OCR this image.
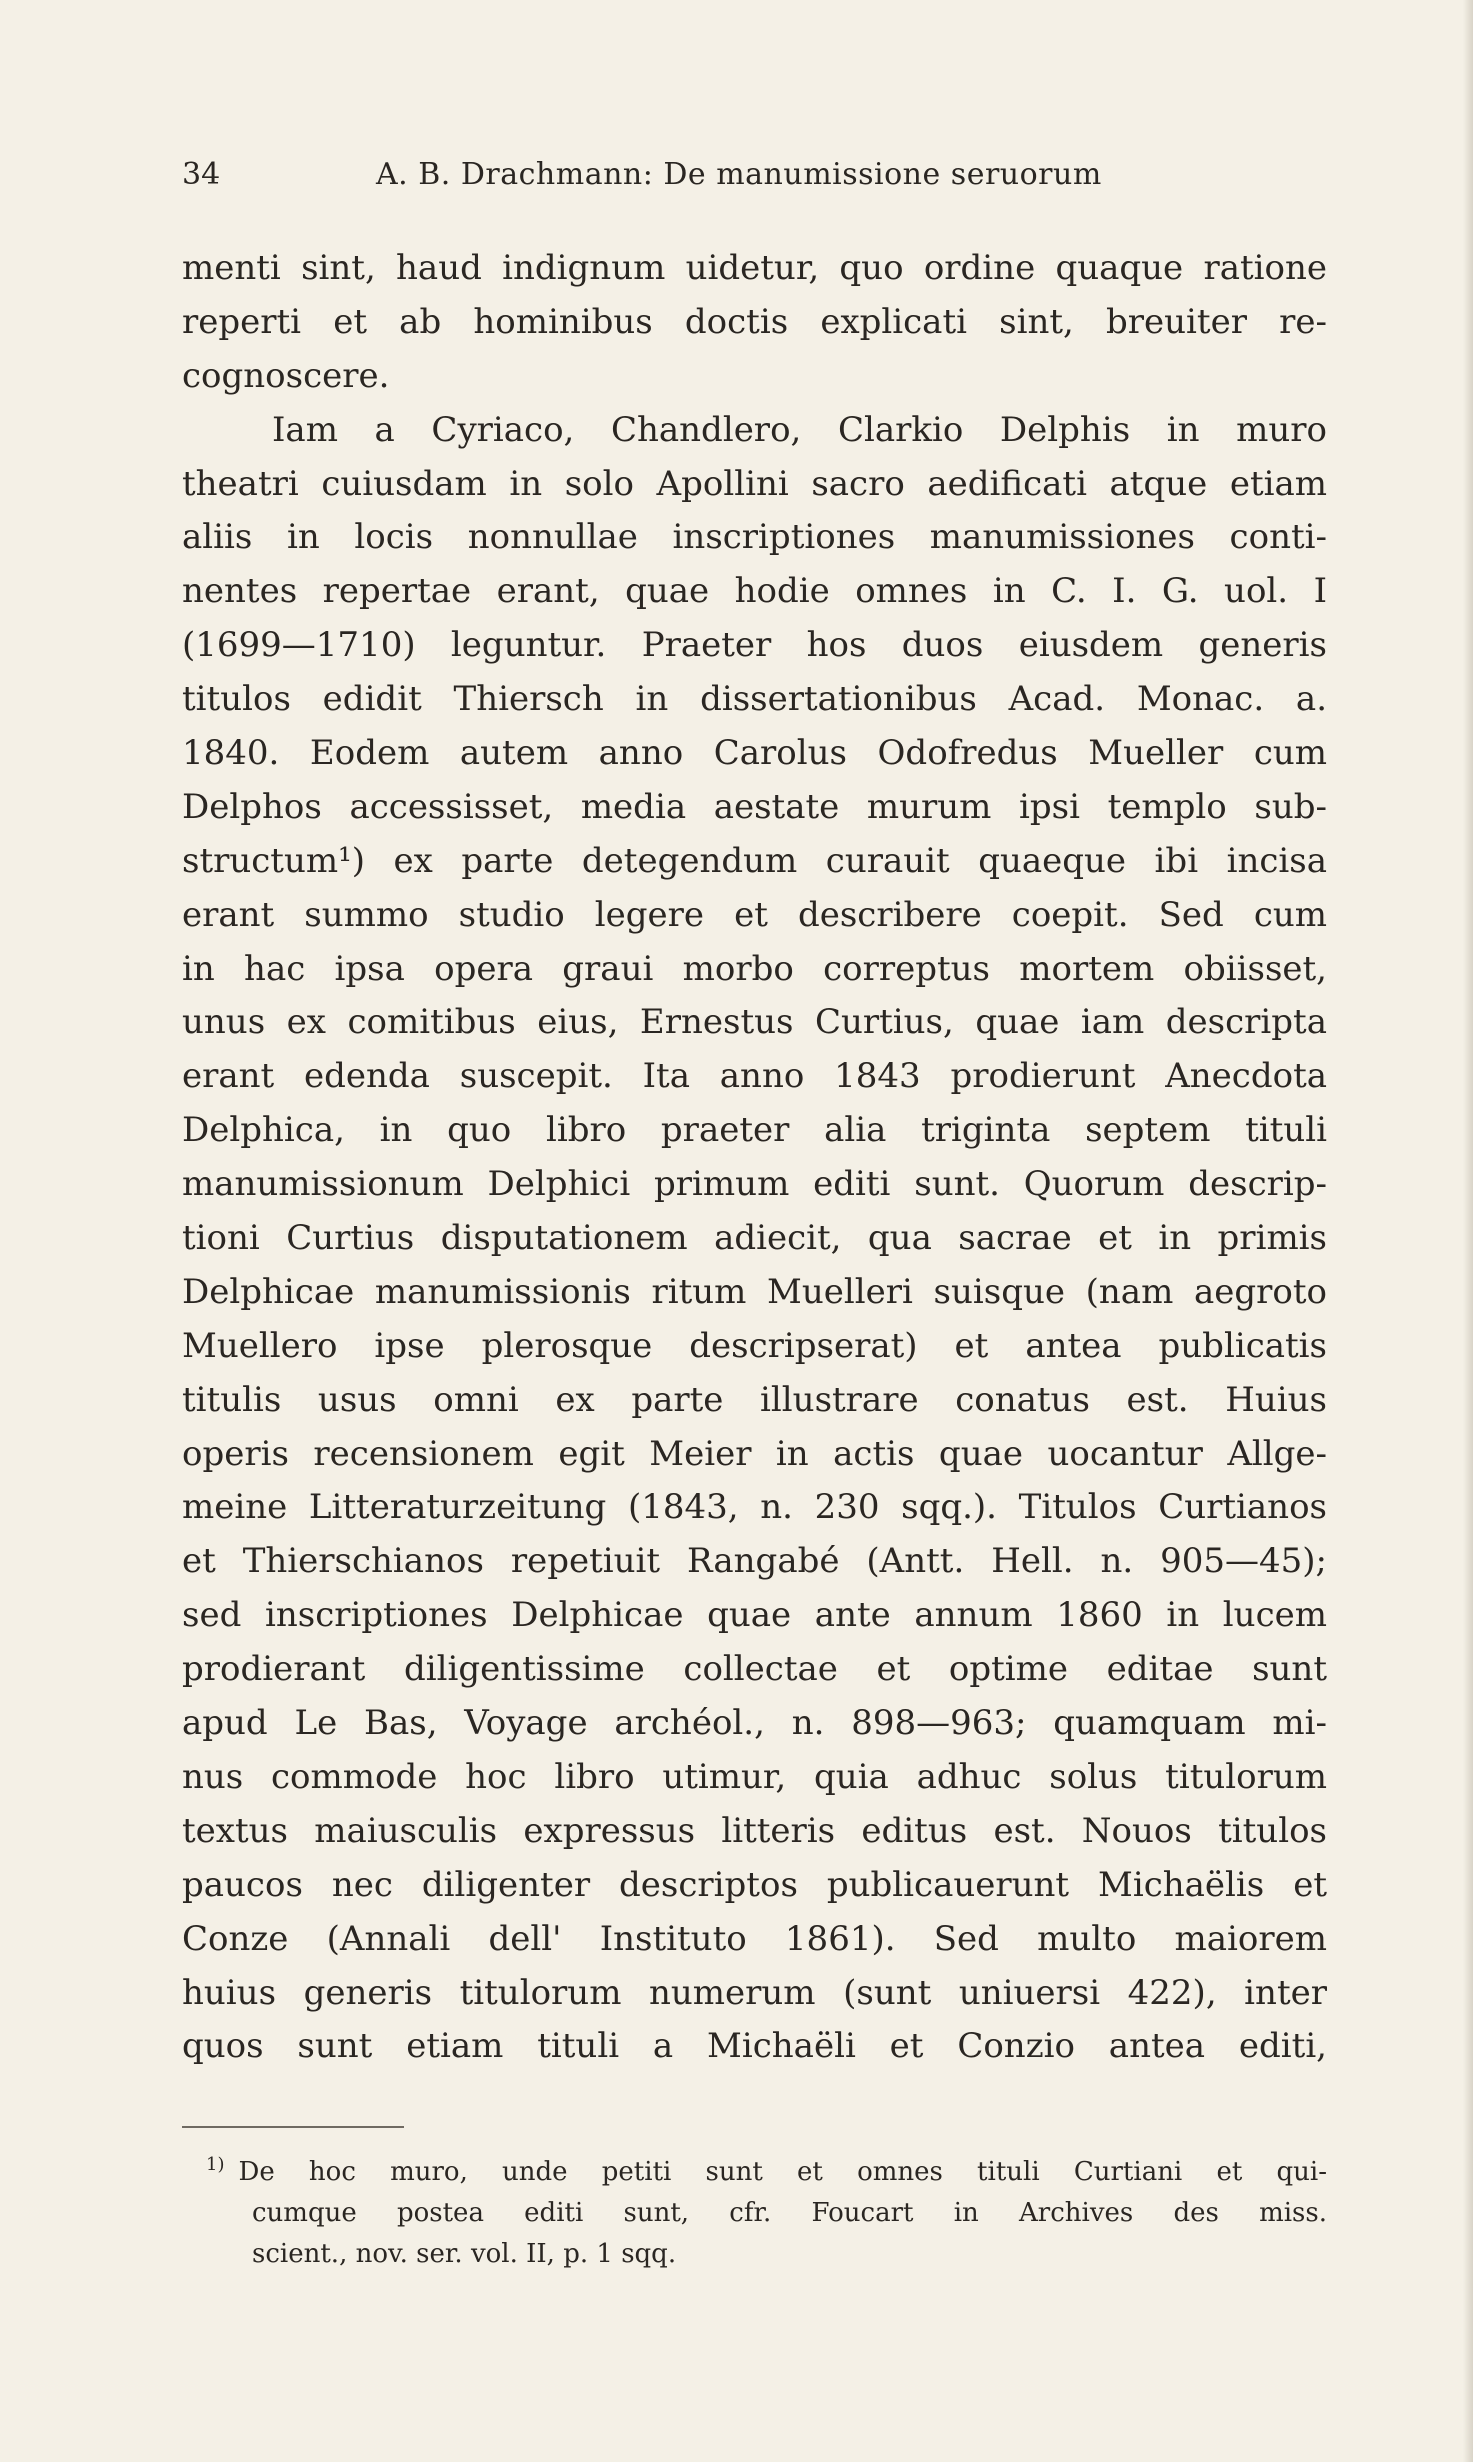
34	A. B. Drachmann: De manumissione seruorum
menti sint, haud indignum uidetur, quo ordine quaque ratione
reperti et ab hominibus doctis explicati sint, breuiter re-
cognoscere.
Iam a Cyriaco, Chandlero, Clarkio Delphis in muro
theatri cuiusdam in solo Apollini sacro aedificati atque etiam
aliis in locis nonnullae inscriptiones manumissiones conti-
nentes repertae erant, quae hodie omnes in C. I. G. uol. I
(1699—1710) leguntur. Praeter hos duos eiusdem generis
titulos edidit Thiersch in dissertationibus Acad. Monac. a.
1840. Eodem autem anno Carolus Odofredus Mueller cum
Delphos accessisset, media aestate murum ipsi templo sub-
structum¹) ex parte detegendum curauit quaeque ibi incisa
erant summo studio legere et describere coepit. Sed cum
in hac ipsa opera graui morbo correptus mortem obiisset,
unus ex comitibus eius, Ernestus Curtius, quae iam descripta
erant edenda suscepit. Ita anno 1843 prodierunt Anecdota
Delphica, in quo libro praeter alia triginta septem tituli
manumissionum Delphici primum editi sunt. Quorum descrip-
tioni Curtius disputationem adiecit, qua sacrae et in primis
Delphicae manumissionis ritum Muelleri suisque (nam aegroto
Muellero ipse plerosque descripserat) et antea publicatis
titulis usus omni ex parte illustrare conatus est. Huius
operis recensionem egit Meier in actis quae uocantur Allge-
meine Litteraturzeitung (1843, n. 230 sqq.). Titulos Curtianos
et Thierschianos repetiuit Rangabé (Antt. Hell. n. 905—45);
sed inscriptiones Delphicae quae ante annum 1860 in lucem
prodierant diligentissime collectae et optime editae sunt
apud Le Bas, Voyage archéol., n. 898—963; quamquam mi-
nus commode hoc libro utimur, quia adhuc solus titulorum
textus maiusculis expressus litteris editus est. Nouos titulos
paucos nec diligenter descriptos publicauerunt Michaëlis et
Conze (Annali dell' Instituto 1861). Sed multo maiorem
huius generis titulorum numerum (sunt uniuersi 422), inter
quos sunt etiam tituli a Michaëli et Conzio antea editi,
$^{1)}$ De hoc muro, unde petiti sunt et omnes tituli Curtiani et qui-
cumque postea editi sunt, cfr. Foucart in Archives des miss.
scient., nov. ser. vol. II, p. 1 sqq.
